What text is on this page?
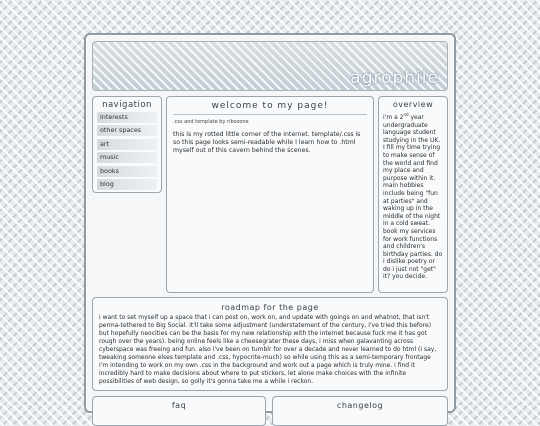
agrophile
navigation
interests
other spaces
art
music
books
blog
welcome to my page!
.css and template by ribozone
this is my rotted little corner of the internet. template/.css is so this page looks semi-readable while I learn how to .html myself out of this cavern behind the scenes.
overview
i'm a 2nd year undergraduate language student studying in the UK. I fill my time trying to make sense of the world and find my place and purpose within it. main hobbies include being "fun at parties" and waking up in the middle of the night in a cold sweat. book my services for work functions and children's birthday parties. do i dislike poetry or do i just not "get" it? you decide.
roadmap for the page
i want to set myself up a space that i can post on, work on, and update with goings on and whatnot, that isn't perma-tethered to Big Social. it'll take some adjustment (understatement of the century, i've tried this before) but hopefully neocities can be the basis for my new relationship with the internet because fuck me it has got rough over the years). being online feels like a cheesegrater these days, i miss when galavanting across cyberspace was freeing and fun. also i've been on tumblr for over a decade and never learned to do html (i say, tweaking someone elses template and .css, hypocrite-much) so while using this as a semi-temporary frontage i'm intending to work on my own .css in the background and work out a page which is truly mine. i find it incredibly hard to make decisions about where to put stickers, let alone make choices with the infinite possibilities of web design, so golly it's gonna take me a while i reckon.
faq	changelog
